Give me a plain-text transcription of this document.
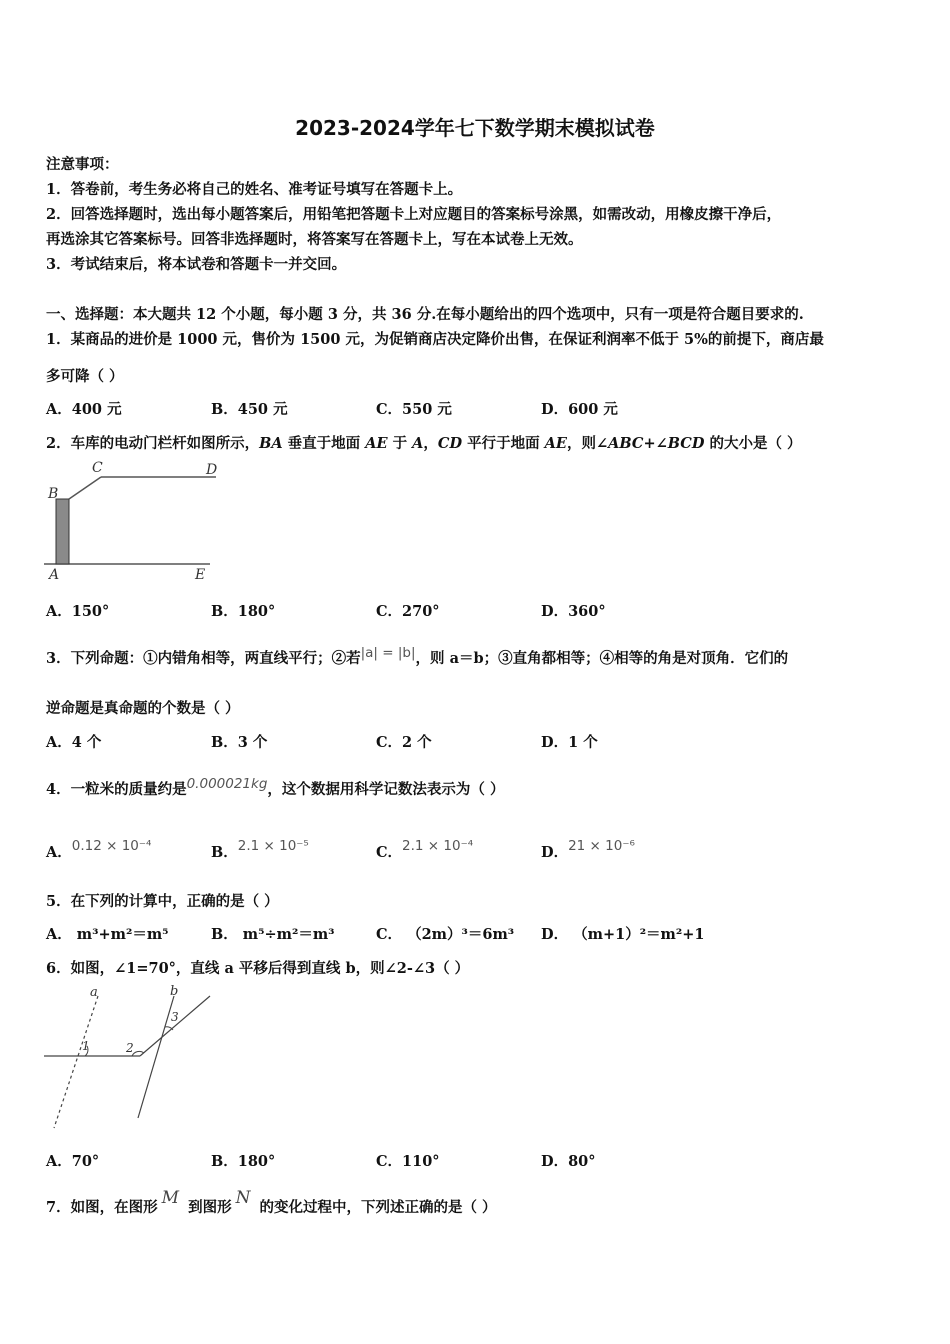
2023-2024学年七下数学期末模拟试卷
注意事项：
1．答卷前，考生务必将自己的姓名、准考证号填写在答题卡上。
2．回答选择题时，选出每小题答案后，用铅笔把答题卡上对应题目的答案标号涂黑，如需改动，用橡皮擦干净后，
再选涂其它答案标号。回答非选择题时，将答案写在答题卡上，写在本试卷上无效。
3．考试结束后，将本试卷和答题卡一并交回。
一、选择题：本大题共 12 个小题，每小题 3 分，共 36 分.在每小题给出的四个选项中，只有一项是符合题目要求的.
1．某商品的进价是 1000 元，售价为 1500 元，为促销商店决定降价出售，在保证利润率不低于 5%的前提下，商店最
多可降（ ）
A．400 元	B．450 元	C．550 元	D．600 元
2．车库的电动门栏杆如图所示，BA 垂直于地面 AE 于 A，CD 平行于地面 AE，则∠ABC+∠BCD 的大小是（ ）
B
C	D
A	E
A．150°	B．180°	C．270°	D．360°
3．下列命题：①内错角相等，两直线平行；②若|a| = |b|，则 a＝b；③直角都相等；④相等的角是对顶角．它们的
逆命题是真命题的个数是（ ）
A．4 个	B．3 个	C．2 个	D．1 个
4．一粒米的质量约是0.000021kg，这个数据用科学记数法表示为（ ）
A．0.12 × 10⁻⁴	B．2.1 × 10⁻⁵	C．2.1 × 10⁻⁴	D．21 × 10⁻⁶
5．在下列的计算中，正确的是（ ）
A． m³+m²＝m⁵	B． m⁵÷m²＝m³	C． （2m）³＝6m³ D． （m+1）²＝m²+1
6．如图，∠1=70°，直线 a 平移后得到直线 b，则∠2-∠3（ ）
a	b
1	2
3
A．70°	B．180°	C．110°	D．80°
7．如图，在图形 M 到图形 N 的变化过程中，下列述正确的是（ ）
